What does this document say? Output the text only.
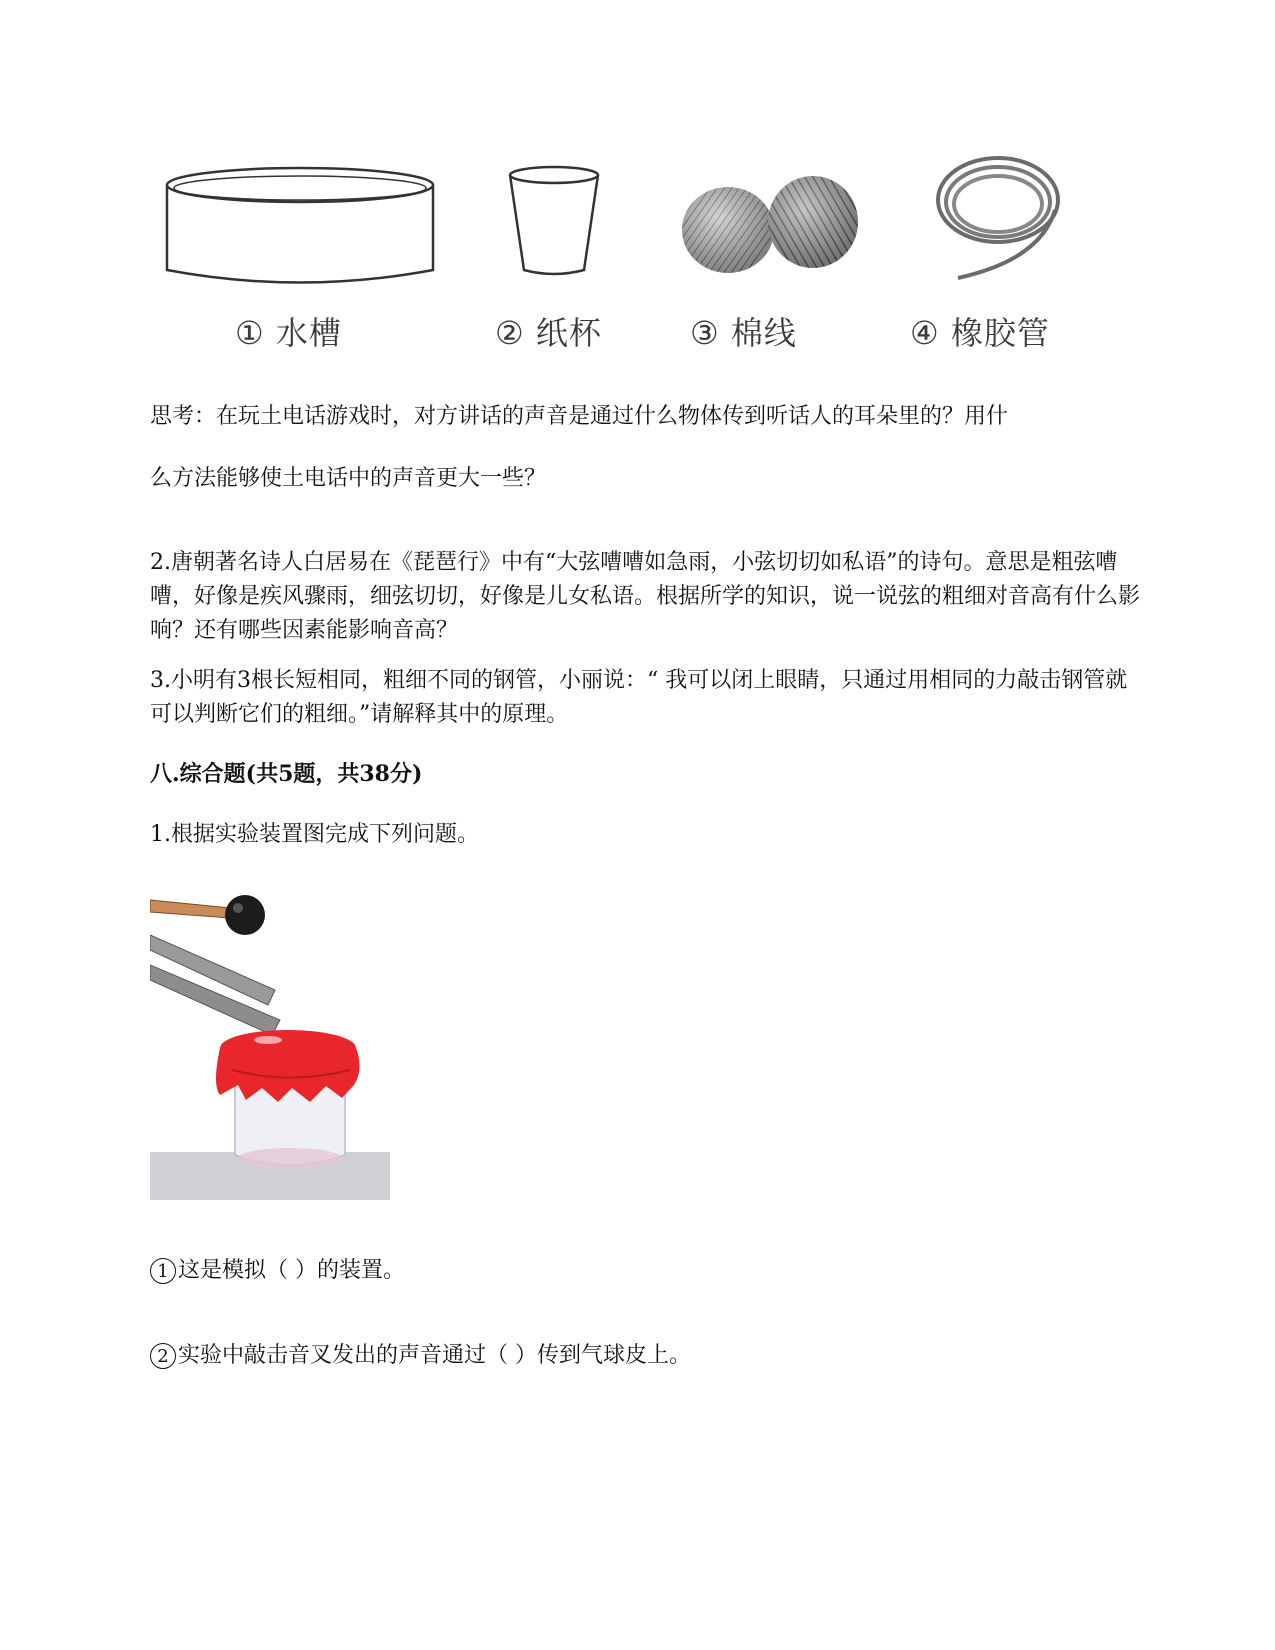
① 水槽	② 纸杯	③ 棉线	④ 橡胶管
思考：在玩土电话游戏时，对方讲话的声音是通过什么物体传到听话人的耳朵里的？用什
么方法能够使土电话中的声音更大一些？
2.唐朝著名诗人白居易在《琵琶行》中有“大弦嘈嘈如急雨，小弦切切如私语”的诗句。意思是粗弦嘈嘈，好像是疾风骤雨，细弦切切，好像是儿女私语。根据所学的知识，说一说弦的粗细对音高有什么影响？还有哪些因素能影响音高？
3.小明有3根长短相同，粗细不同的钢管，小丽说：“ 我可以闭上眼睛，只通过用相同的力敲击钢管就可以判断它们的粗细。”请解释其中的原理。
八.综合题(共5题，共38分)
1.根据实验装置图完成下列问题。
1 这是模拟（ ）的装置。
2 实验中敲击音叉发出的声音通过（ ）传到气球皮上。
